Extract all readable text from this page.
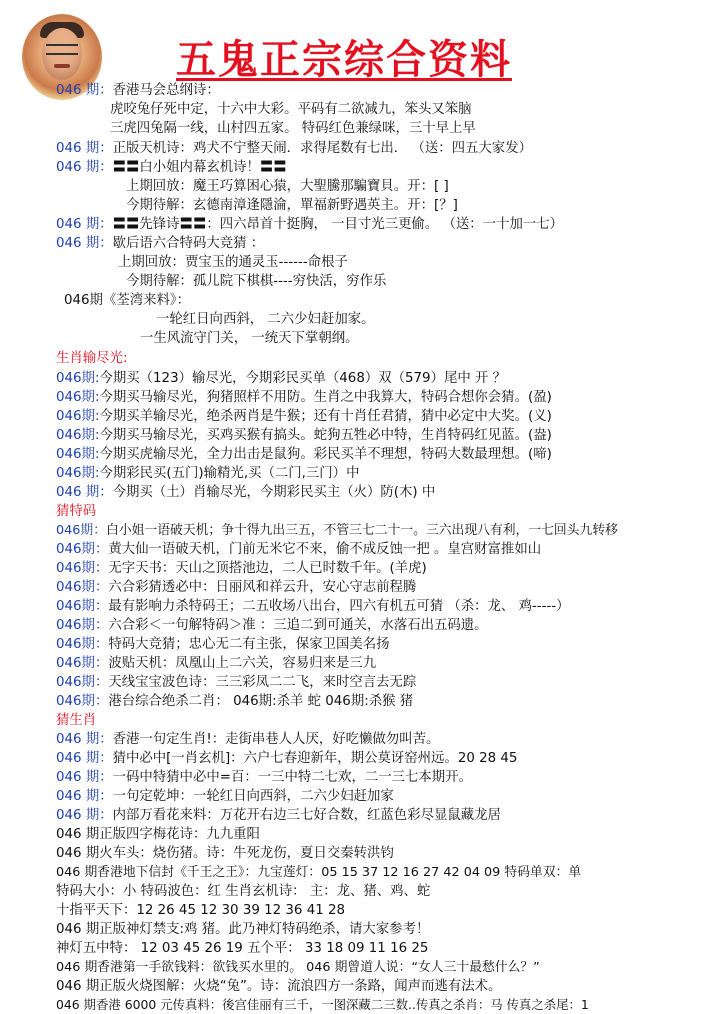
五鬼正宗综合资料
046 期：香港马会总纲诗：
虎咬兔仔死中定，十六中大彩。平码有二欲减九，笨头又笨脑
三虎四兔隔一线，山村四五家。 特码红色兼绿咪，三十早上早
046 期：正版天机诗：鸡犬不宁整天闹．求得尾数有七出． （送：四五大家发）
046 期：〓〓白小姐内幕玄机诗！〓〓
上期回放：魔王巧算困心猿，大聖騰那騙寶貝。开：[ ]
今期待解：玄德南漳逢隱淪，單福新野遇英主。开：[？]
046 期：〓〓先锋诗〓〓：四六昂首十挺胸， 一目寸光三更偷。 （送：一十加一七）
046 期：歇后语六合特码大竞猜 ：
上期回放：贾宝玉的通灵玉------命根子
今期待解：孤儿院下棋棋----穷快活，穷作乐
046期《荃湾来料》：
一轮红日向西斜， 二六少妇赶加家。
一生风流守门关， 一统天下掌朝纲。
生肖输尽光:
046期:今期买（123）输尽光，今期彩民买单（468）双（579）尾中 开 ？
046期:今期买马输尽光，狗猪照样不用防。生肖之中我算大，特码合想你会猜。(盈)
046期:今期买羊输尽光，绝杀两肖是牛猴；还有十肖任君猜，猜中必定中大奖。(义)
046期:今期买马输尽光，买鸡买猴有搞头。蛇狗五牲必中特，生肖特码红见蓝。(盎)
046期:今期买虎输尽光，全力出击是鼠狗。彩民买羊不理想，特码大数最理想。(啼)
046期:今期彩民买(五门)输精光,买（二门,三门）中
046 期：今期买（土）肖输尽光，今期彩民买主（火）防(木) 中
猜特码
046期：白小姐一语破天机；争十得九出三五，不管三七二十一。三六出现八有利，一七回头九转移
046期：黄大仙一语破天机，门前无米它不来，偷不成反蚀一把 。皇宫财富推如山
046期：无字天书：天山之顶搭池边，二人已时数千年。(羊虎)
046期：六合彩猜透必中：日丽风和祥云升，安心守志前程腾
046期：最有影响力杀特码王；二五收场八出台，四六有机五可猜 （杀：龙、 鸡-----）
046期：六合彩＜一句解特码＞准 ：三追二到可通关，水落石出五码遗。
046期：特码大竞猜；忠心无二有主张，保家卫国美名扬
046期：波贴天机：凤凰山上二六关，容易归来是三九
046期：天线宝宝波色诗：三三彩凤二二飞，来时空言去无踪
046期：港台综合绝杀二肖： 046期:杀羊 蛇 046期:杀猴 猪
猜生肖
046 期：香港一句定生肖!：走街串巷人人厌，好吃懒做勿叫苦。
046 期：猜中必中[一肖玄机]：六户七春迎新年，期公莫讶窑州远。20 28 45
046 期：一码中特猜中必中=百：一三中特二七欢，二一三七本期开。
046 期：一句定乾坤：一轮红日向西斜，二六少妇赶加家
046 期：内部万看花来料：万花开右边三七好合数，红蓝色彩尽显鼠藏龙居
046 期正版四字梅花诗：九九重阳
046 期火车头：烧伤猪。诗：牛死龙伤，夏日交秦转洪钧
046 期香港地下信封《千王之王》：九宝莲灯：05 15 37 12 16 27 42 04 09 特码单双：单
特码大小：小 特码波色：红 生肖玄机诗： 主：龙、猪、鸡、蛇
十指平天下：12 26 45 12 30 39 12 36 41 28
046 期正版神灯禁支:鸡 猪。此乃神灯特码绝杀，请大家参考！
神灯五中特： 12 03 45 26 19 五个平： 33 18 09 11 16 25
046 期香港第一手欲钱料：欲钱买水里的。 046 期曾道人说：“女人三十最愁什么？”
046 期正版火烧图解：火烧“兔”。诗：流浪四方一条路，闻声而逃有法术。
046 期香港 6000 元传真料：後宫佳丽有三千，一图深藏二三数..传真之杀肖：马 传真之杀尾：1
